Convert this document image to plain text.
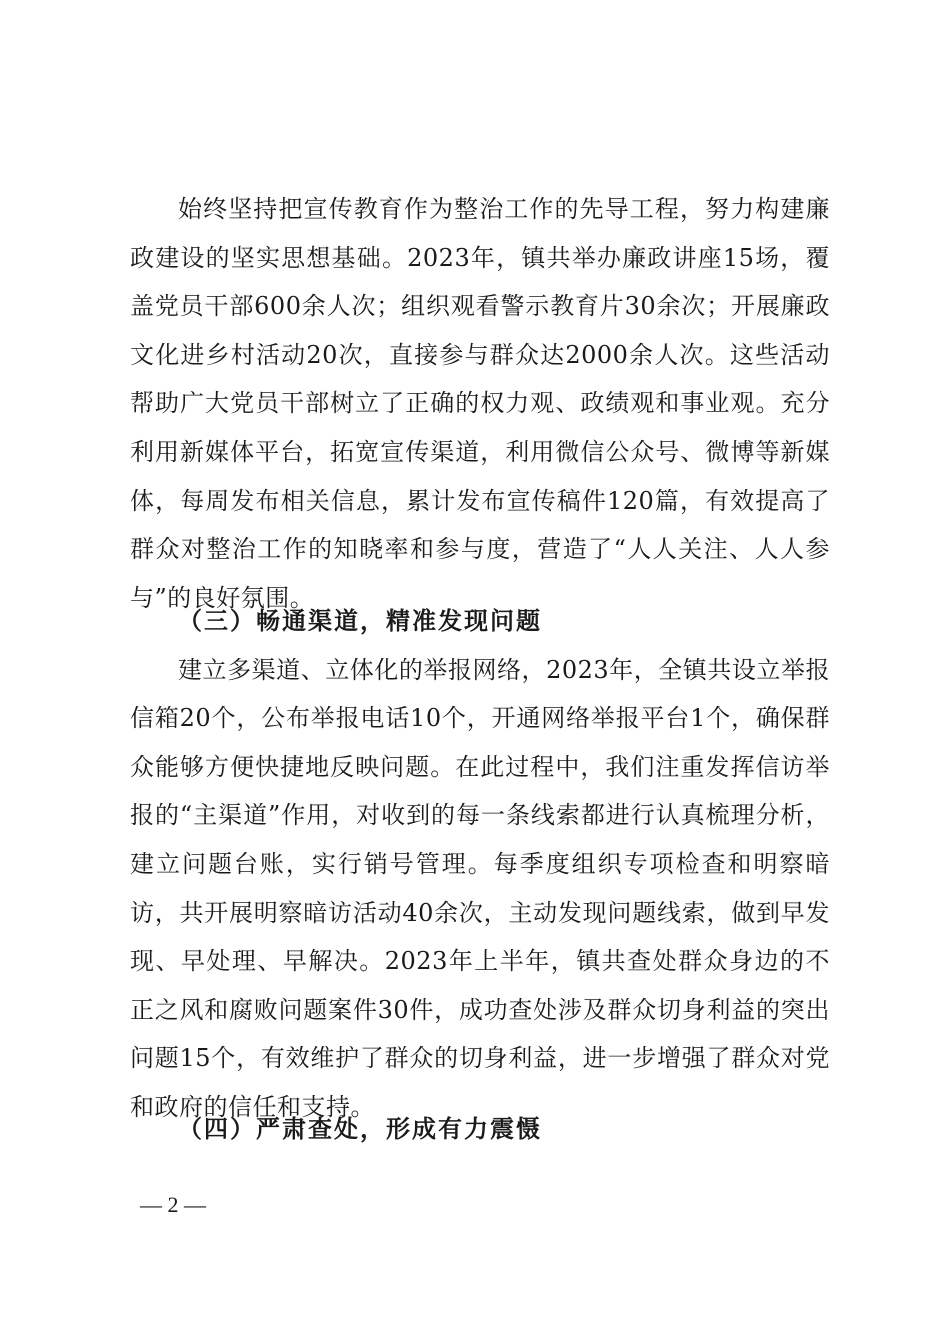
始终坚持把宣传教育作为整治工作的先导工程，努力构建廉政建设的坚实思想基础。2023年，镇共举办廉政讲座15场，覆盖党员干部600余人次；组织观看警示教育片30余次；开展廉政文化进乡村活动20次，直接参与群众达2000余人次。这些活动帮助广大党员干部树立了正确的权力观、政绩观和事业观。充分利用新媒体平台，拓宽宣传渠道，利用微信公众号、微博等新媒体，每周发布相关信息，累计发布宣传稿件120篇，有效提高了群众对整治工作的知晓率和参与度，营造了“人人关注、人人参与”的良好氛围。

（三）畅通渠道，精准发现问题

建立多渠道、立体化的举报网络，2023年，全镇共设立举报信箱20个，公布举报电话10个，开通网络举报平台1个，确保群众能够方便快捷地反映问题。在此过程中，我们注重发挥信访举报的“主渠道”作用，对收到的每一条线索都进行认真梳理分析，建立问题台账，实行销号管理。每季度组织专项检查和明察暗访，共开展明察暗访活动40余次，主动发现问题线索，做到早发现、早处理、早解决。2023年上半年，镇共查处群众身边的不正之风和腐败问题案件30件，成功查处涉及群众切身利益的突出问题15个，有效维护了群众的切身利益，进一步增强了群众对党和政府的信任和支持。

（四）严肃查处，形成有力震慑

— 2 —
